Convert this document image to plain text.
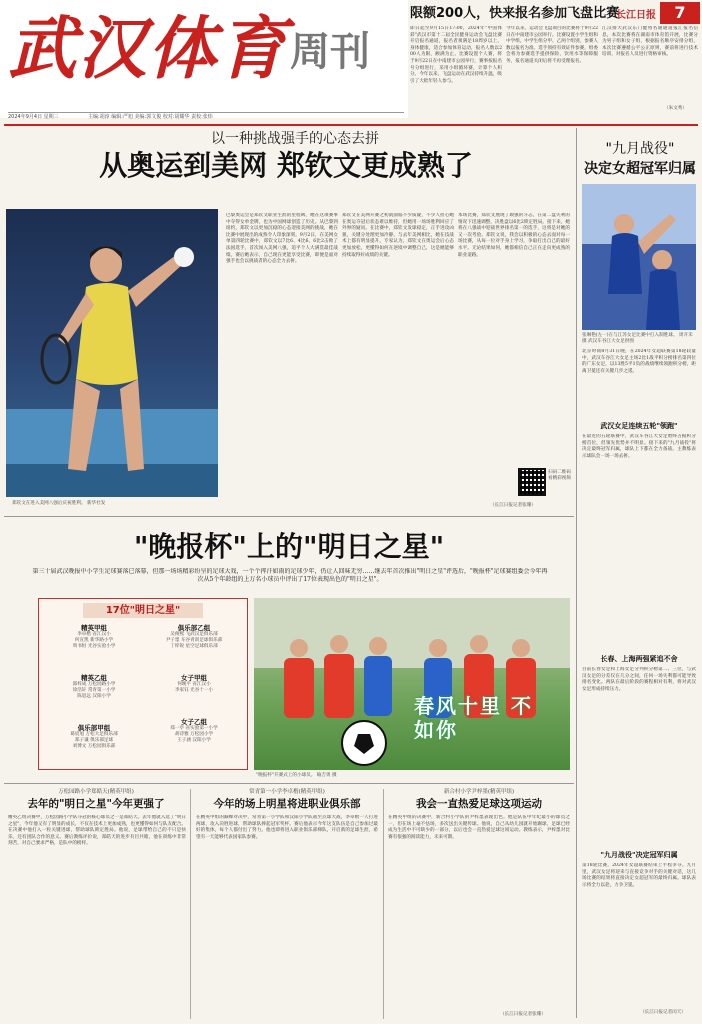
武汉体育 周刊
2024年9月4日 星期三	主编:胡淳 编辑:严旭 美编:郭文俊 校对:胡耀华 责校:张炜
限额200人，快来报名参加飞盘比赛
长江日报	7
即日起至9月15日17:00，2024年"中国体彩"武汉市第十二届全民健身运动会飞盘比赛开启报名通道，报名者须满足18周岁以上，身体健康，适合参加体育运动，报名人数以200人为限，额满为止。比赛设置个人赛，将于9月22日在中南建市公园举行，赛事按报名号分组进行，采用小组循环赛，计算个人积分。今年以来，飞盘运动在武汉持续升温，吸引了大批年轻人参与。
今年以来，运动会飞盘项目的比赛将于9月22日在中南建市公园举行。比赛设置小学生组和中学组，中学生组分甲、乙两个组别，参赛人数以报名为准。选手须持有效证件参赛，组委会将为参赛选手提供保险、饮用水等保障服务，报名通道关闭后将不再受理报名。
江汉排大武汉东门健将名通通道报汇报名信息，本次比赛将在湖南市体育馆开展，比赛分为男子组和女子组，根据报名顺序安排分组，本次比赛遵循公平公正原则，赛前将进行技术培训，对报名人员进行资格审核。
（朱文秀）
以一种挑战强手的心态去拼
从奥运到美网 郑钦文更成熟了
郑钦文在进入美网八强后庆祝胜利。 新华社发
巴黎奥运会是郑钦文职业生涯的里程碑，她在这项赛事中夺得女单金牌，也为中国网球创造了历史。从巴黎到纽约，郑钦文以更加沉稳的心态迎接美网的挑战，她在比赛中展现出的成熟令人印象深刻。9月2日，在美网女单第四轮比赛中，郑钦文以7比6、4比6、6比2击败了法国选手，首次闯入美网八强，追平个人大满贯最佳战绩。赛后她表示，自己现在更能享受比赛，即便是面对强手也会以挑战者的心态全力去拼。
郑钦文在美网开赛之初就面临不少质疑，不少人担心她在奥运夺冠后状态难以维持，但她用一场场胜利回应了外界的疑问。在比赛中，郑钦文发球稳定，正手进攻凶狠，关键分处理更加冷静，与去年美网相比，她在技战术上都有明显提升。专家认为，郑钦文在奥运会后心态更加放松，更懂得如何在逆境中调整自己，这是她能够持续取得好成绩的关键。
本场比赛，郑钦文展现了顽强的斗志，在第二盘失利的情况下迅速调整，决胜盘以6比2锁定胜局。接下来，她将在八强战中迎战世界排名第一的选手，这将是对她的又一次考验。郑钦文说，我会以积极的心态去面对每一场比赛，从每一位对手身上学习，争取打出自己的最好水平。无论结果如何，她都相信自己正在走向更成熟的职业道路。
扫码二维码
看精彩视频
（长江日报记者张珊）
"九月战役"
决定女超冠军归属
张琳艳(左一)在与江苏女足比赛中打入制胜球。 周开禾 摄 武汉车谷江大女足供图
北京时间8月31日晚，在2024年女超联赛第18轮较量中，武汉车谷江大女足主场2比1战平积分榜排名第四位的广东女足，以13胜5平1负的战绩继续领跑积分榜，距离卫冕还有关键几步之遥。
武汉女足连续五轮"领跑"
在最近的五轮联赛中，武汉车谷江大女足始终占据积分榜首位，但领先优势并不明显。接下来的"九月战役"将决定最终冠军归属，球队上下都在全力备战。主教练表示球队会一场一场去拼。
长春、上海两强紧追不舍
目前长春女足和上海女足分列积分榜第二、三位，与武汉女足的分差仅在几分之间，任何一场失利都可能导致排名变化。两队在最后阶段的赛程相对有利，将对武汉女足形成持续压力。
"九月战役"决定冠军归属
第18轮比赛，2024年女超联赛结束上半程争夺。九月里，武汉女足将迎来与直接竞争对手的关键对话，这几场比赛的结果将直接决定女超冠军的最终归属。球队表示将全力以赴，力争卫冕。
（长江日报记者闵天）
"晚报杯"上的"明日之星"
第三十届武汉晚报中小学生足球赛落已落幕，但那一场场精彩纷呈的足球大戏，一个个挥汗如雨的足球少年，仍让人回味无穷……继去年首次推出"明日之星"评选后，"晚报杯"足球赛组委会今年再次从5个年龄组的上万名小球员中评出了17位表现出色的"明日之星"。
17位"明日之星"
精英甲组
李卓楷 省江汉小
何宣凯 新华路小学
周书恒 光谷实验小学
精英乙组
邵梓成 万松园路小学
徐浩轩 常青第一小学
陈思远 汉阳小学
俱乐部甲组
葛宸旭 万松大足俱乐部
郑子谦 俱乐部足球
刘博文 万松园俱乐部
俱乐部乙组
吴俊熙 飞武汉足俱乐部
尹子墨 车谷青训足球俱乐部
丁梓锐 星空足球俱乐部
女子甲组
何琬平 省江汉小
李家钰 光谷十一小
女子乙组
郑一亭 省实验第一小学
胡诗雅 万松园小学
王子涵 汉阳小学
春风十里 不如你
"晚报杯"开赛式上的小球员。 喻吉勇 摄
万松园路小学郑皓天(精英甲组)
去年的"明日之星"今年更强了
精英乙组决赛中，万松园路小学队夺冠的核心球员之一是郑皓天。去年他就入选了"明日之星"，今年他又有了明显的成长，不仅在技术上更加成熟，也更懂得如何与队友配合。在决赛中他打入一粒关键进球，帮助球队锁定胜局。他说，足球带给自己的不只是快乐，还有团队合作的意义。赛后教练评价说，郑皓天的进步有目共睹，他在训练中非常刻苦，对自己要求严格，是队中的榜样。
常青第一小学李卓楷(精英甲组)
今年的场上明星将进职业俱乐部
在精英甲组的巅峰对决中，常青第一小学队和汉阳小学队战至点球大战，李卓楷一人打进两球，攻入决胜进球，帮助球队捧起冠军奖杯。赛后他表示今年这支队伍是自己参加过最好的集体，每个人都付出了努力。他也即将进入职业俱乐部梯队，开启新的足球生涯，希望有一天能够代表国家队参赛。
新合村小学尹梓墨(精英甲组)
我会一直热爱足球这项运动
在精英甲组的决赛中，新合村小学队的尹梓墨表现出色。他是队伍中年纪最小的球员之一，但在场上毫不怯场，多次送出关键传球。他说，自己从幼儿园就开始踢球，足球已经成为生活中不可缺少的一部分，以后也会一直热爱足球这项运动。教练表示，尹梓墨对比赛有很强的阅读能力，未来可期。
（长江日报记者张珊）
